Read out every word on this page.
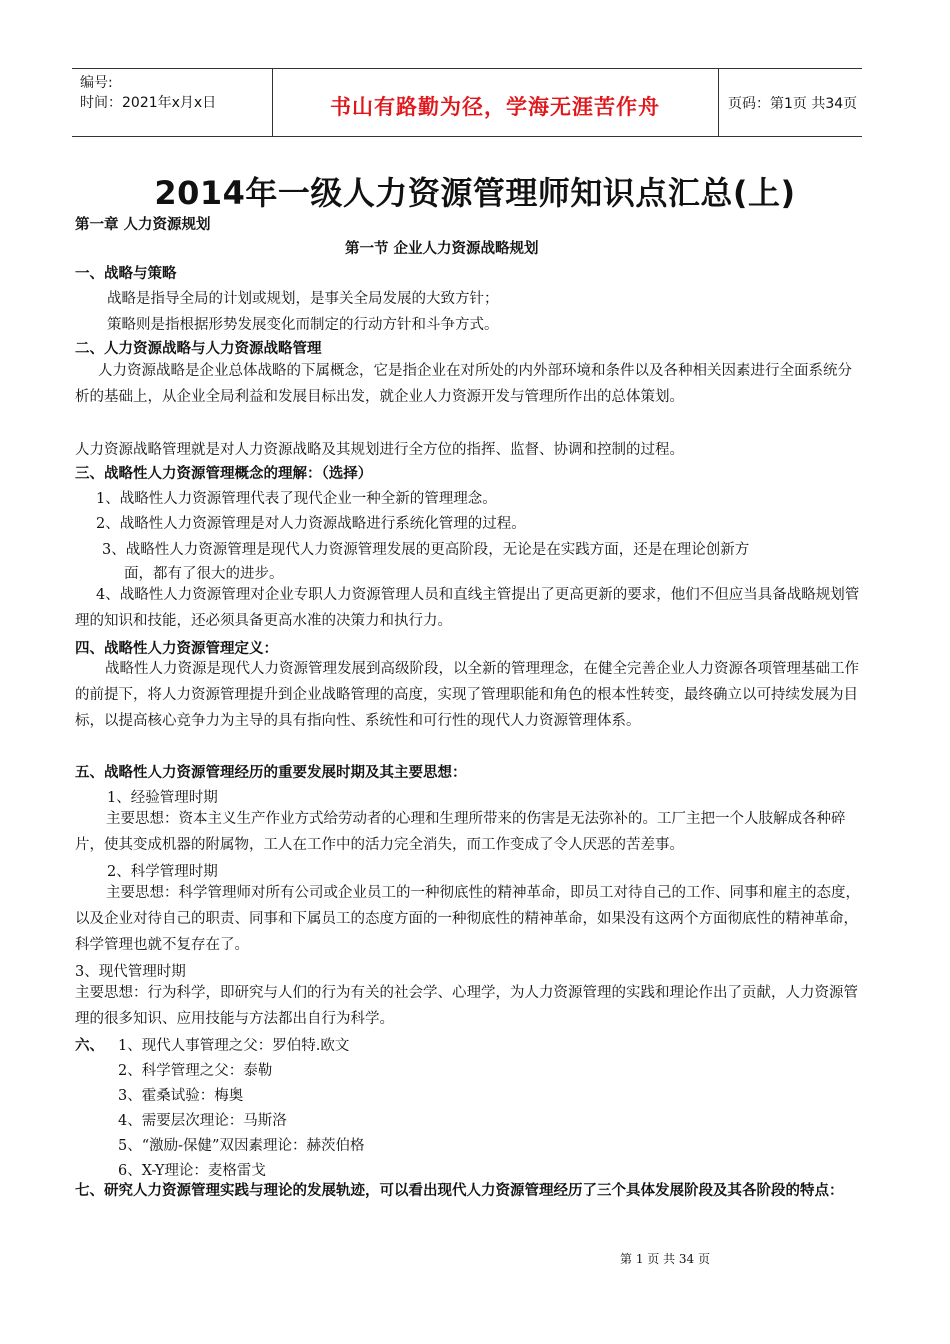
编号:
时间：2021年x月x日	书山有路勤为径，学海无涯苦作舟	页码：第1页 共34页
2014年一级人力资源管理师知识点汇总(上)
第一章 人力资源规划
第一节 企业人力资源战略规划
一、战略与策略
战略是指导全局的计划或规划，是事关全局发展的大致方针；
策略则是指根据形势发展变化而制定的行动方针和斗争方式。
二、人力资源战略与人力资源战略管理
人力资源战略是企业总体战略的下属概念，它是指企业在对所处的内外部环境和条件以及各种相关因素进行全面系统分析的基础上，从企业全局利益和发展目标出发，就企业人力资源开发与管理所作出的总体策划。
人力资源战略管理就是对人力资源战略及其规划进行全方位的指挥、监督、协调和控制的过程。
三、战略性人力资源管理概念的理解：（选择）
1、战略性人力资源管理代表了现代企业一种全新的管理理念。
2、战略性人力资源管理是对人力资源战略进行系统化管理的过程。
3、战略性人力资源管理是现代人力资源管理发展的更高阶段，无论是在实践方面，还是在理论创新方
面，都有了很大的进步。
4、战略性人力资源管理对企业专职人力资源管理人员和直线主管提出了更高更新的要求，他们不但应当具备战略规划管理的知识和技能，还必须具备更高水准的决策力和执行力。
四、战略性人力资源管理定义：
战略性人力资源是现代人力资源管理发展到高级阶段，以全新的管理理念，在健全完善企业人力资源各项管理基础工作的前提下，将人力资源管理提升到企业战略管理的高度，实现了管理职能和角色的根本性转变，最终确立以可持续发展为目标，以提高核心竞争力为主导的具有指向性、系统性和可行性的现代人力资源管理体系。
五、战略性人力资源管理经历的重要发展时期及其主要思想：
1、经验管理时期
主要思想：资本主义生产作业方式给劳动者的心理和生理所带来的伤害是无法弥补的。工厂主把一个人肢解成各种碎片，使其变成机器的附属物，工人在工作中的活力完全消失，而工作变成了令人厌恶的苦差事。
2、科学管理时期
主要思想：科学管理师对所有公司或企业员工的一种彻底性的精神革命，即员工对待自己的工作、同事和雇主的态度，以及企业对待自己的职责、同事和下属员工的态度方面的一种彻底性的精神革命，如果没有这两个方面彻底性的精神革命，科学管理也就不复存在了。
3、现代管理时期
主要思想：行为科学，即研究与人们的行为有关的社会学、心理学，为人力资源管理的实践和理论作出了贡献，人力资源管理的很多知识、应用技能与方法都出自行为科学。
六、 1、现代人事管理之父：罗伯特.欧文
2、科学管理之父：泰勒
3、霍桑试验：梅奥
4、需要层次理论：马斯洛
5、“激励-保健”双因素理论：赫茨伯格
6、X-Y理论：麦格雷戈
七、研究人力资源管理实践与理论的发展轨迹，可以看出现代人力资源管理经历了三个具体发展阶段及其各阶段的特点：
第 1 页 共 34 页
